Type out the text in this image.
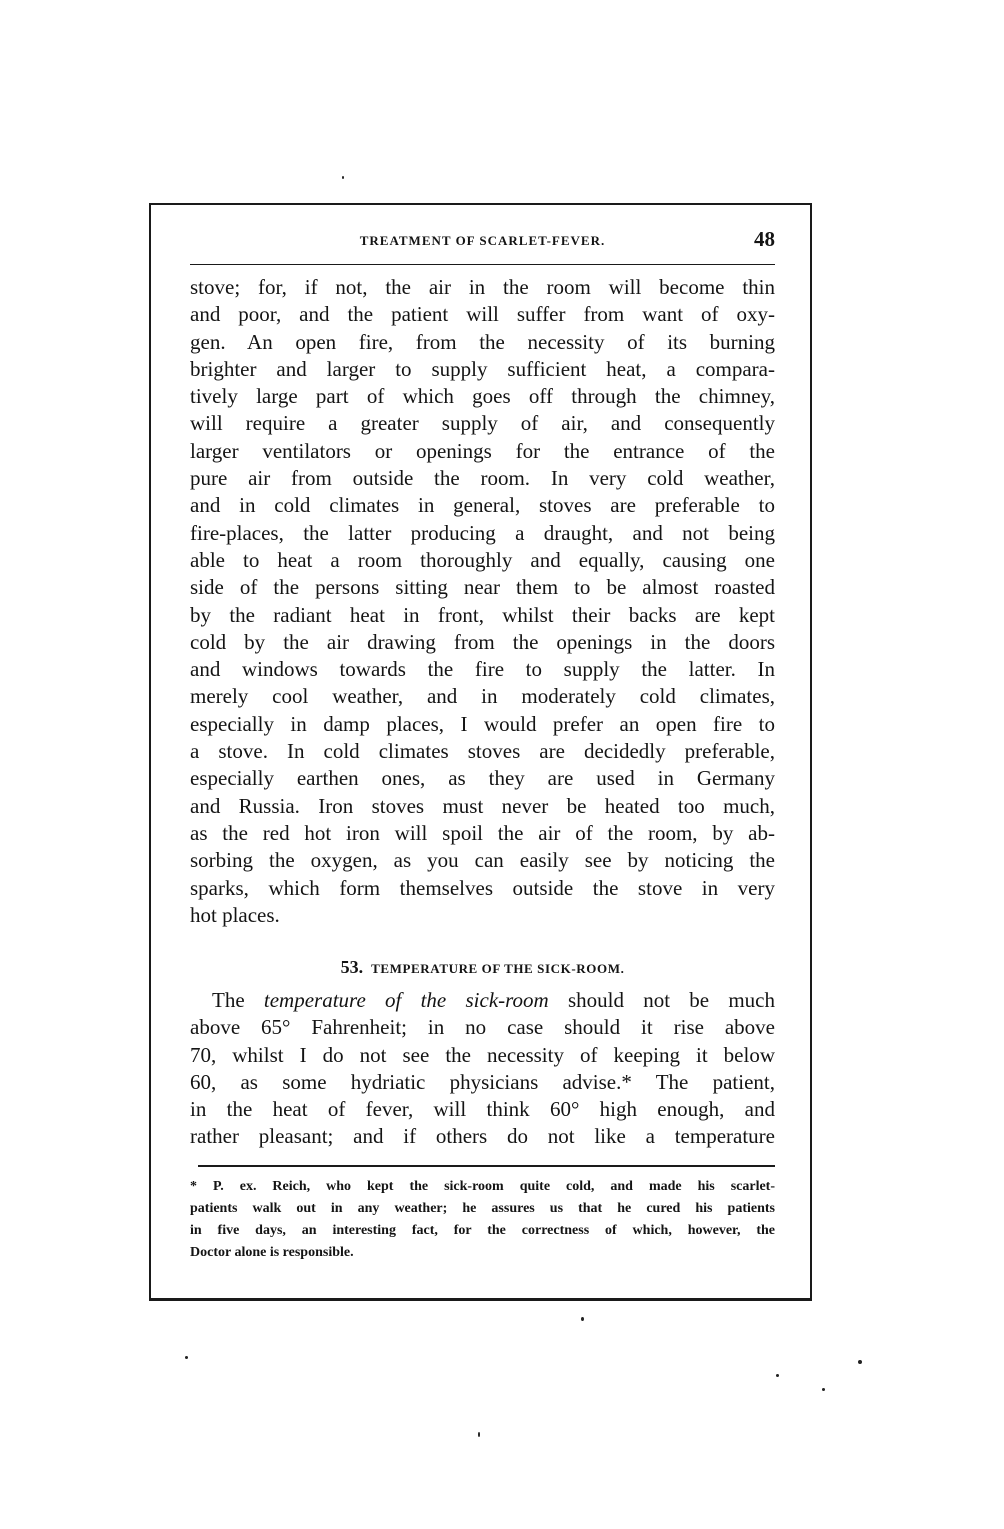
TREATMENT OF SCARLET-FEVER.	48
stove; for, if not, the air in the room will become thin
and poor, and the patient will suffer from want of oxy-
gen. An open fire, from the necessity of its burning
brighter and larger to supply sufficient heat, a compara-
tively large part of which goes off through the chimney,
will require a greater supply of air, and consequently
larger ventilators or openings for the entrance of the
pure air from outside the room. In very cold weather,
and in cold climates in general, stoves are preferable to
fire-places, the latter producing a draught, and not being
able to heat a room thoroughly and equally, causing one
side of the persons sitting near them to be almost roasted
by the radiant heat in front, whilst their backs are kept
cold by the air drawing from the openings in the doors
and windows towards the fire to supply the latter. In
merely cool weather, and in moderately cold climates,
especially in damp places, I would prefer an open fire to
a stove. In cold climates stoves are decidedly preferable,
especially earthen ones, as they are used in Germany
and Russia. Iron stoves must never be heated too much,
as the red hot iron will spoil the air of the room, by ab-
sorbing the oxygen, as you can easily see by noticing the
sparks, which form themselves outside the stove in very
hot places.
53. TEMPERATURE OF THE SICK-ROOM.
The temperature of the sick-room should not be much
above 65° Fahrenheit; in no case should it rise above
70, whilst I do not see the necessity of keeping it below
60, as some hydriatic physicians advise.* The patient,
in the heat of fever, will think 60° high enough, and
rather pleasant; and if others do not like a temperature
* P. ex. Reich, who kept the sick-room quite cold, and made his scarlet-
patients walk out in any weather; he assures us that he cured his patients
in five days, an interesting fact, for the correctness of which, however, the
Doctor alone is responsible.
